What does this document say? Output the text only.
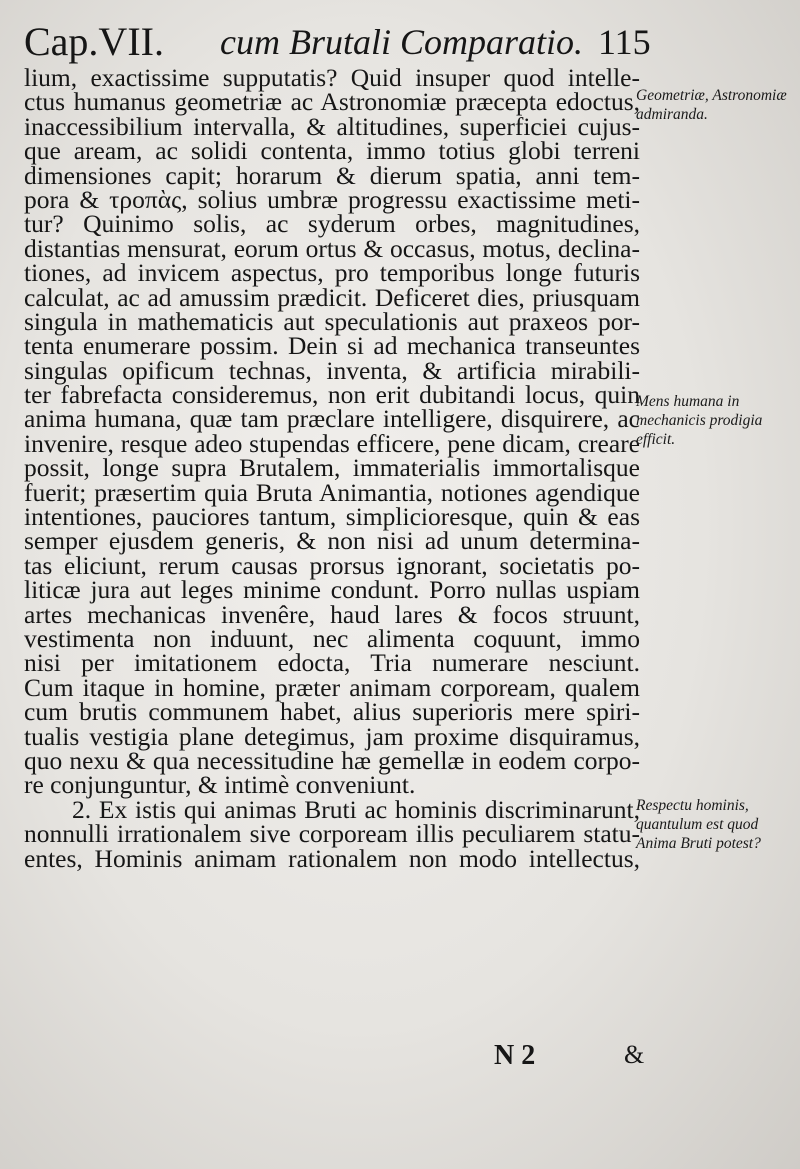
Cap.VII. cum Brutali Comparatio. 115
lium, exactissime supputatis? Quid insuper quod intelle-
ctus humanus geometriæ ac Astronomiæ præcepta edoctus,
inaccessibilium intervalla, & altitudines, superficiei cujus-
que aream, ac solidi contenta, immo totius globi terreni
dimensiones capit; horarum & dierum spatia, anni tem-
pora & τροπὰς, solius umbræ progressu exactissime meti-
tur? Quinimo solis, ac syderum orbes, magnitudines,
distantias mensurat, eorum ortus & occasus, motus, declina-
tiones, ad invicem aspectus, pro temporibus longe futuris
calculat, ac ad amussim prædicit. Deficeret dies, priusquam
singula in mathematicis aut speculationis aut praxeos por-
tenta enumerare possim. Dein si ad mechanica transeuntes
singulas opificum technas, inventa, & artificia mirabili-
ter fabrefacta consideremus, non erit dubitandi locus, quin
anima humana, quæ tam præclare intelligere, disquirere, ac
invenire, resque adeo stupendas efficere, pene dicam, creare
possit, longe supra Brutalem, immaterialis immortalisque
fuerit; præsertim quia Bruta Animantia, notiones agendique
intentiones, pauciores tantum, simplicioresque, quin & eas
semper ejusdem generis, & non nisi ad unum determina-
tas eliciunt, rerum causas prorsus ignorant, societatis po-
liticæ jura aut leges minime condunt. Porro nullas uspiam
artes mechanicas invenêre, haud lares & focos struunt,
vestimenta non induunt, nec alimenta coquunt, immo
nisi per imitationem edocta, Tria numerare nesciunt.
Cum itaque in homine, præter animam corpoream, qualem
cum brutis communem habet, alius superioris mere spiri-
tualis vestigia plane detegimus, jam proxime disquiramus,
quo nexu & qua necessitudine hæ gemellæ in eodem corpo-
re conjunguntur, & intimè conveniunt.
2. Ex istis qui animas Bruti ac hominis discriminarunt,
nonnulli irrationalem sive corpoream illis peculiarem statu-
entes, Hominis animam rationalem non modo intellectus,
Geometriæ, Astronomiæ admiranda.
Mens humana in mechanicis prodigia efficit.
Respectu hominis, quantulum est quod Anima Bruti potest?
N 2	&
